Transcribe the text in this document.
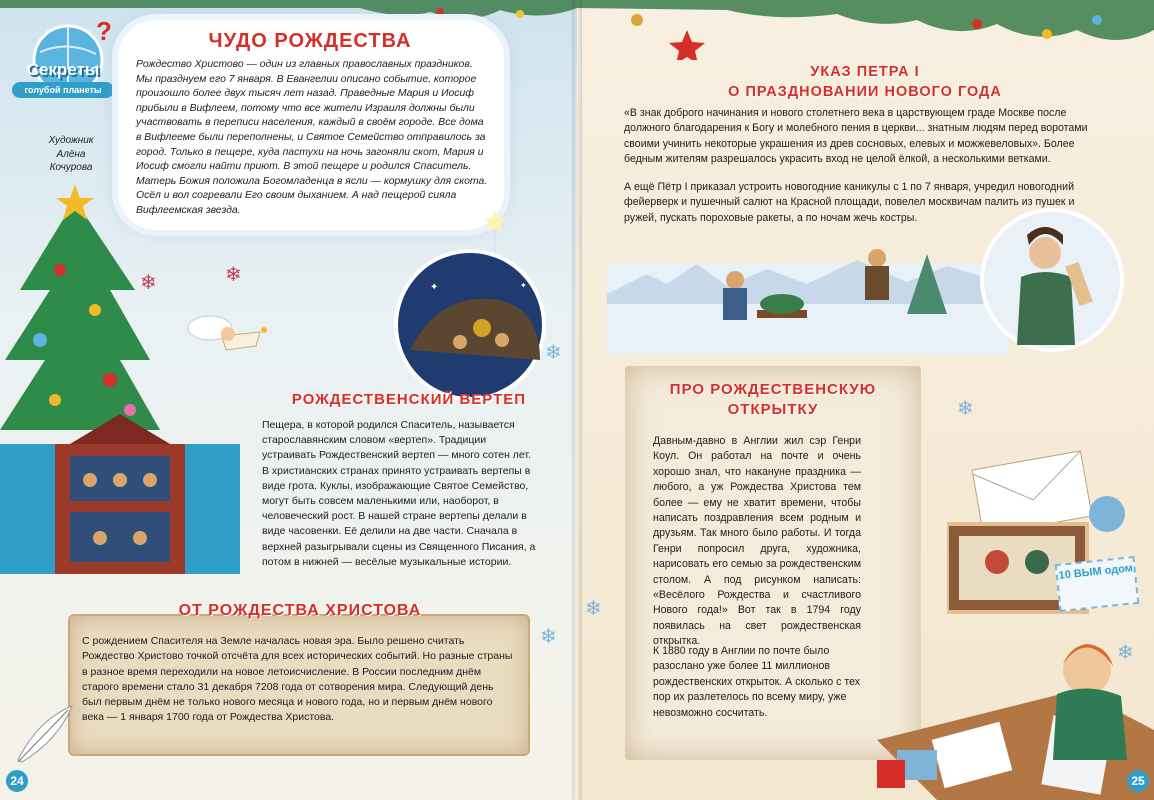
?
Секреты
голубой планеты
Художник
Алёна
Кочурова
ЧУДО РОЖДЕСТВА
Рождество Христово — один из главных православных праздников. Мы празднуем его 7 января. В Евангелии описано событие, которое произошло более двух тысяч лет назад. Праведные Мария и Иосиф прибыли в Вифлеем, потому что все жители Израиля должны были участвовать в переписи населения, каждый в своём городе. Все дома в Вифлееме были переполнены, и Святое Семейство отправилось за город. Только в пещере, куда пастухи на ночь загоняли скот, Мария и Иосиф смогли найти приют. В этой пещере и родился Спаситель. Матерь Божия положила Богомладенца в ясли — кормушку для скота. Осёл и вол согревали Его своим дыханием. А над пещерой сияла Вифлеемская звезда.
✦	✦
❄
❄
❄
❄
РОЖДЕСТВЕНСКИЙ ВЕРТЕП
Пещера, в которой родился Спаситель, называется старославянским словом «вертеп». Традиции устраивать Рождественский вертеп — много сотен лет. В христианских странах принято устраивать вертепы в виде грота. Куклы, изображающие Святое Семейство, могут быть совсем маленькими или, наоборот, в человеческий рост. В нашей стране вертепы делали в виде часовенки. Её делили на две части. Сначала в верхней разыгрывали сцены из Священного Писания, а потом в нижней — весёлые музыкальные истории.
ОТ РОЖДЕСТВА ХРИСТОВА
С рождением Спасителя на Земле началась новая эра. Было решено считать Рождество Христово точкой отсчёта для всех исторических событий. Но разные страны в разное время переходили на новое летоисчисление. В России последним днём старого времени стало 31 декабря 7208 года от сотворения мира. Следующий день был первым днём не только нового месяца и нового года, но и первым днём нового века — 1 января 1700 года от Рождества Христова.
24
УКАЗ ПЕТРА I
О ПРАЗДНОВАНИИ НОВОГО ГОДА
«В знак доброго начинания и нового столетнего века в царствующем граде Москве после должного благодарения к Богу и молебного пения в церкви... знатным людям перед воротами своими учинить некоторые украшения из древ сосновых, елевых и можжевеловых». Более бедным жителям разрешалось украсить вход не целой ёлкой, а несколькими ветками.
А ещё Пётр I приказал устроить новогодние каникулы с 1 по 7 января, учредил новогодний фейерверк и пушечный салют на Красной площади, повелел москвичам палить из пушек и ружей, пускать пороховые ракеты, а по ночам жечь костры.
ПРО РОЖДЕСТВЕНСКУЮ
ОТКРЫТКУ
Давным-давно в Англии жил сэр Генри Коул. Он работал на почте и очень хорошо знал, что накануне праздника — любого, а уж Рождества Христова тем более — ему не хватит времени, чтобы написать поздравления всем родным и друзьям. Так много было работы. И тогда Генри попросил друга, художника, нарисовать его семью за рождественским столом. А под рисунком написать: «Весёлого Рождества и счастливого Нового года!» Вот так в 1794 году появилась на свет рождественская открытка.
К 1880 году в Англии по почте было разослано уже более 11 миллионов рождественских открыток. А сколько с тех пор их разлетелось по всему миру, уже невозможно сосчитать.
10 ВЫМ одом
❄
❄
❄
25
